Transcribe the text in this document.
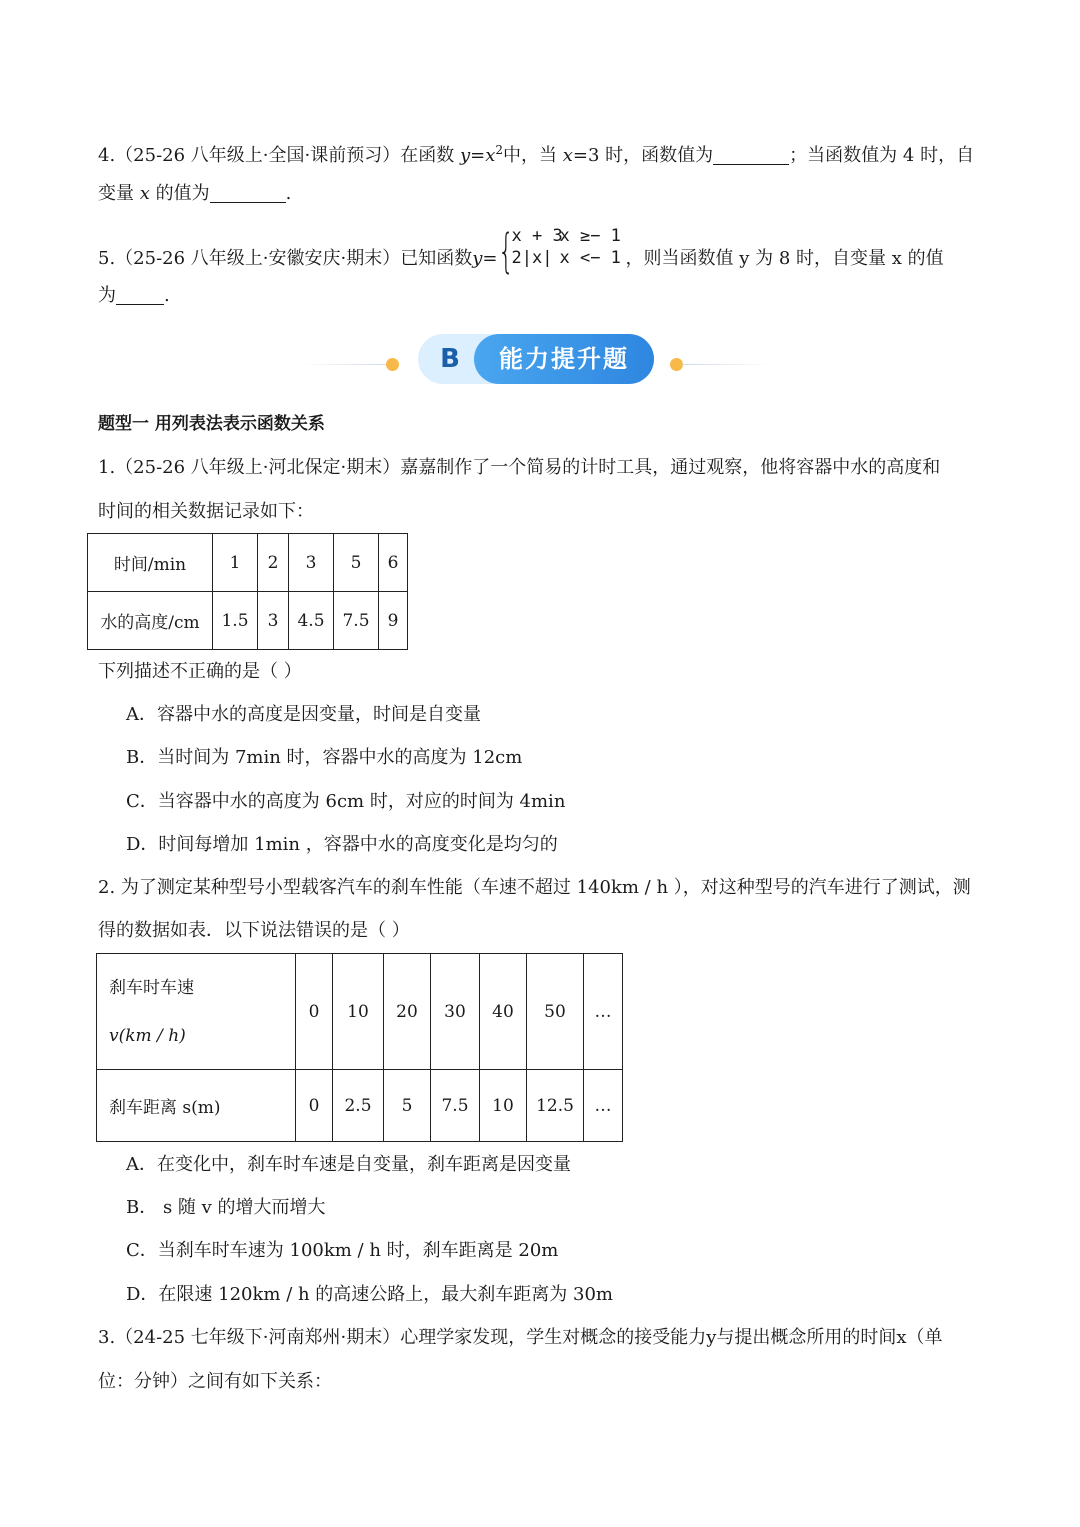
4.（25-26 八年级上·全国·课前预习）在函数 $y=x^2$中，当 x=3 时，函数值为	；当函数值为 4 时，自
变量 x 的值为	.
5.（25-26 八年级上·安徽安庆·期末）已知函数y= {
x + 3
x ≥− 1
2|x| x <− 1 ，则当函数值 y 为 8 时，自变量 x 的值
为	.
B	能力提升题
题型一 用列表法表示函数关系
1.（25-26 八年级上·河北保定·期末）嘉嘉制作了一个简易的计时工具，通过观察，他将容器中水的高度和
时间的相关数据记录如下：
时间/min	1	2	3	5	6
水的高度/cm	1.5	3	4.5	7.5	9
下列描述不正确的是（ ）
A．容器中水的高度是因变量，时间是自变量
B．当时间为 7min 时，容器中水的高度为 12cm
C．当容器中水的高度为 6cm 时，对应的时间为 4min
D．时间每增加 1min ，容器中水的高度变化是均匀的
2. 为了测定某种型号小型载客汽车的刹车性能（车速不超过 140km / h ），对这种型号的汽车进行了测试，测
得的数据如表．以下说法错误的是（ ）
刹车时车速
v(km / h)	0	10	20	30	40	50	…
刹车距离 s(m)	0	2.5	5	7.5	10	12.5	…
A．在变化中，刹车时车速是自变量，刹车距离是因变量
B． s 随 v 的增大而增大
C．当刹车时车速为 100km / h 时，刹车距离是 20m
D．在限速 120km / h 的高速公路上，最大刹车距离为 30m
3.（24-25 七年级下·河南郑州·期末）心理学家发现，学生对概念的接受能力y与提出概念所用的时间x（单
位：分钟）之间有如下关系：
